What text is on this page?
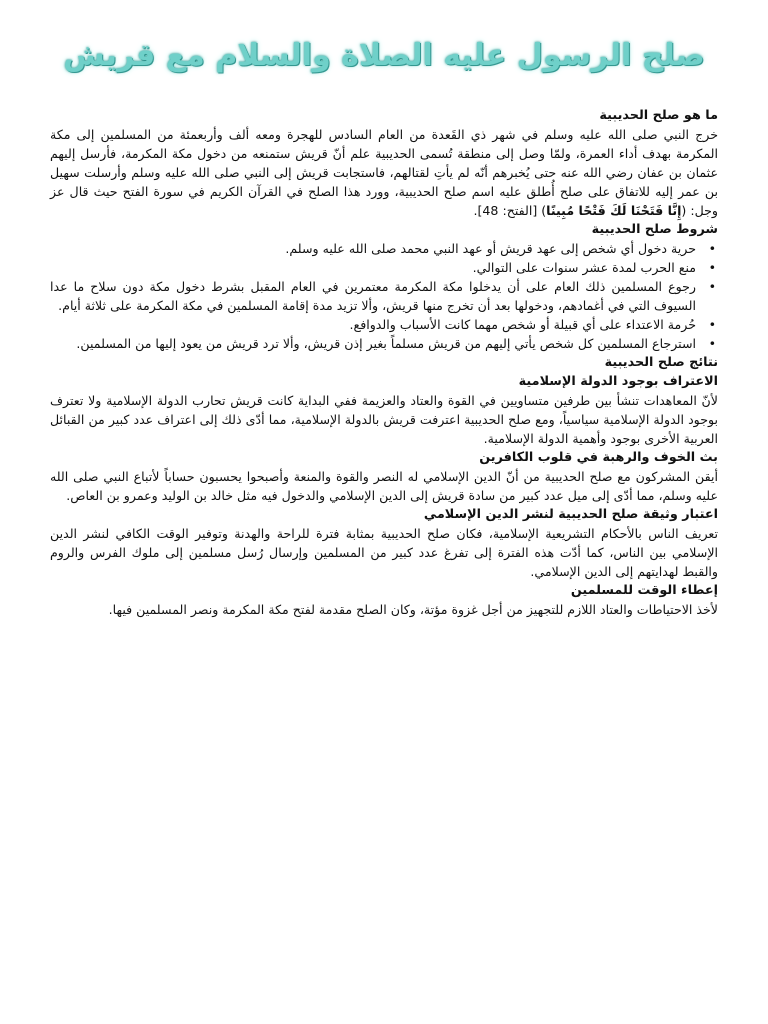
صلح الرسول عليه الصلاة والسلام مع قريش

ما هو صلح الحديبية

خرج النبي صلى الله عليه وسلم في شهر ذي القَعدة من العام السادس للهجرة ومعه ألف وأربعمئة من المسلمين إلى مكة المكرمة بهدف أداء العمرة، ولمّا وصل إلى منطقة تُسمى الحديبية علم أنّ قريش ستمنعه من دخول مكة المكرمة، فأرسل إليهم عثمان بن عفان رضي الله عنه حتى يُخبرهم أنّه لم يأتِ لقتالهم، فاستجابت قريش إلى النبي صلى الله عليه وسلم وأرسلت سهيل بن عمر إليه للاتفاق على صلح أُطلق عليه اسم صلح الحديبية، وورد هذا الصلح في القرآن الكريم في سورة الفتح حيث قال عز وجل: (إِنَّا فَتَحْنَا لَكَ فَتْحًا مُبِينًا) [الفتح: 48].

شروط صلح الحديبية

•
حرية دخول أي شخص إلى عهد قريش أو عهد النبي محمد صلى الله عليه وسلم.
•
منع الحرب لمدة عشر سنوات على التوالي.
•
رجوع المسلمين ذلك العام على أن يدخلوا مكة المكرمة معتمرين في العام المقبل بشرط دخول مكة دون سلاح ما عدا السيوف التي في أغمادهم، ودخولها بعد أن تخرج منها قريش، وألا تزيد مدة إقامة المسلمين في مكة المكرمة على ثلاثة أيام.
•
حُرمة الاعتداء على أي قبيلة أو شخص مهما كانت الأسباب والدوافع.
•
استرجاع المسلمين كل شخص يأتي إليهم من قريش مسلماً بغير إذن قريش، وألا ترد قريش من يعود إليها من المسلمين.

نتائج صلح الحديبية

الاعتراف بوجود الدولة الإسلامية

لأنّ المعاهدات تنشأ بين طرفين متساويين في القوة والعتاد والعزيمة ففي البداية كانت قريش تحارب الدولة الإسلامية ولا تعترف بوجود الدولة الإسلامية سياسياً، ومع صلح الحديبية اعترفت قريش بالدولة الإسلامية، مما أدّى ذلك إلى اعتراف عدد كبير من القبائل العربية الأخرى بوجود وأهمية الدولة الإسلامية.

بث الخوف والرهبة في قلوب الكافرين

أيقن المشركون مع صلح الحديبية من أنّ الدين الإسلامي له النصر والقوة والمنعة وأصبحوا يحسبون حساباً لأتباع النبي صلى الله عليه وسلم، مما أدّى إلى ميل عدد كبير من سادة قريش إلى الدين الإسلامي والدخول فيه مثل خالد بن الوليد وعمرو بن العاص.

اعتبار وثيقة صلح الحديبية لنشر الدين الإسلامي

تعريف الناس بالأحكام التشريعية الإسلامية، فكان صلح الحديبية بمثابة فترة للراحة والهدنة وتوفير الوقت الكافي لنشر الدين الإسلامي بين الناس، كما أدّت هذه الفترة إلى تفرغ عدد كبير من المسلمين وإرسال رُسل مسلمين إلى ملوك الفرس والروم والقبط لهدايتهم إلى الدين الإسلامي.

إعطاء الوقت للمسلمين

لأخذ الاحتياطات والعتاد اللازم للتجهيز من أجل غزوة مؤتة، وكان الصلح مقدمة لفتح مكة المكرمة ونصر المسلمين فيها.
